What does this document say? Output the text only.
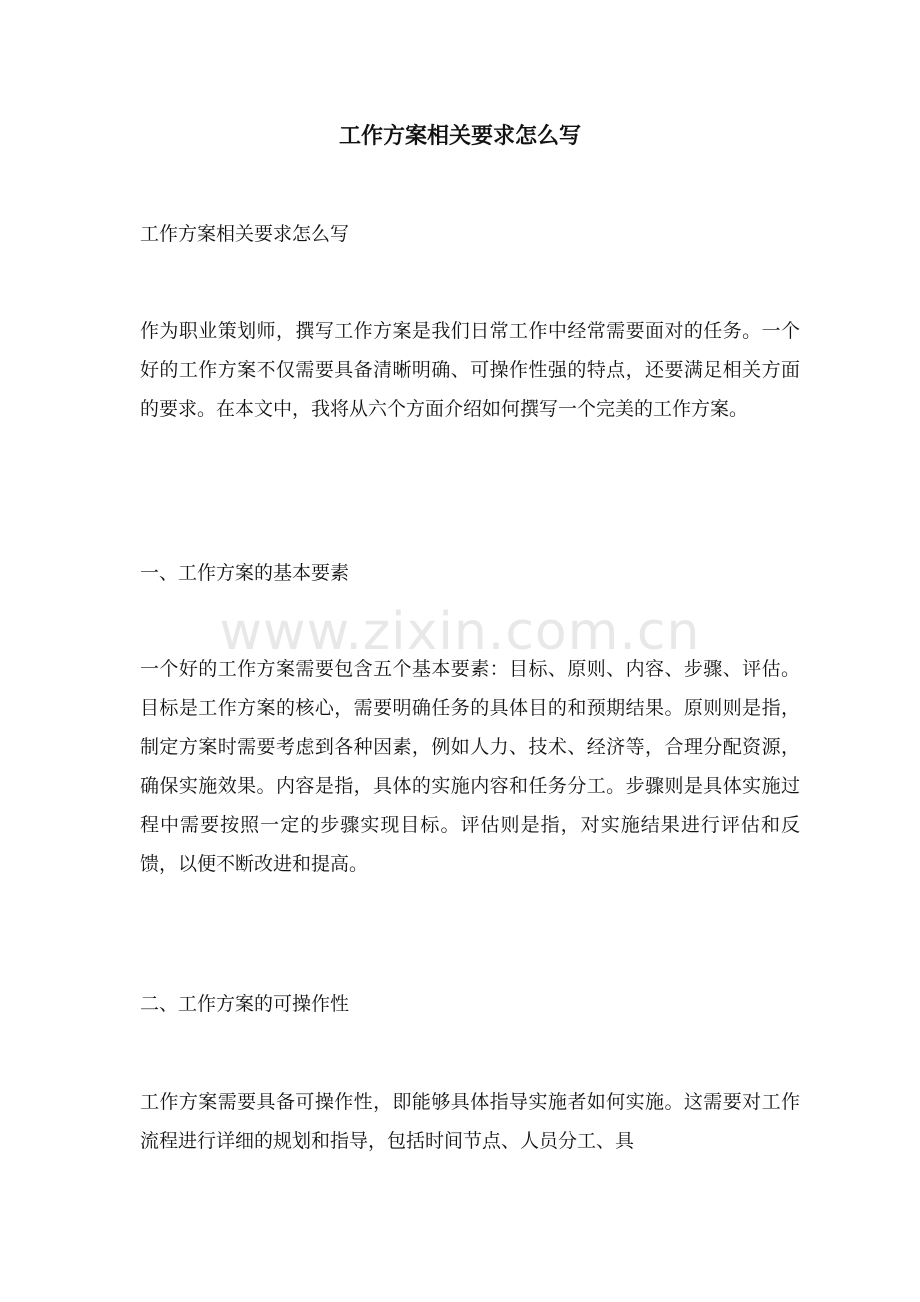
工作方案相关要求怎么写

工作方案相关要求怎么写

作为职业策划师，撰写工作方案是我们日常工作中经常需要面对的任务。一个好的工作方案不仅需要具备清晰明确、可操作性强的特点，还要满足相关方面的要求。在本文中，我将从六个方面介绍如何撰写一个完美的工作方案。

一、工作方案的基本要素

www.zixin.com.cn

一个好的工作方案需要包含五个基本要素：目标、原则、内容、步骤、评估。目标是工作方案的核心，需要明确任务的具体目的和预期结果。原则则是指，制定方案时需要考虑到各种因素，例如人力、技术、经济等，合理分配资源，确保实施效果。内容是指，具体的实施内容和任务分工。步骤则是具体实施过程中需要按照一定的步骤实现目标。评估则是指，对实施结果进行评估和反馈，以便不断改进和提高。

二、工作方案的可操作性

工作方案需要具备可操作性，即能够具体指导实施者如何实施。这需要对工作流程进行详细的规划和指导，包括时间节点、人员分工、具
